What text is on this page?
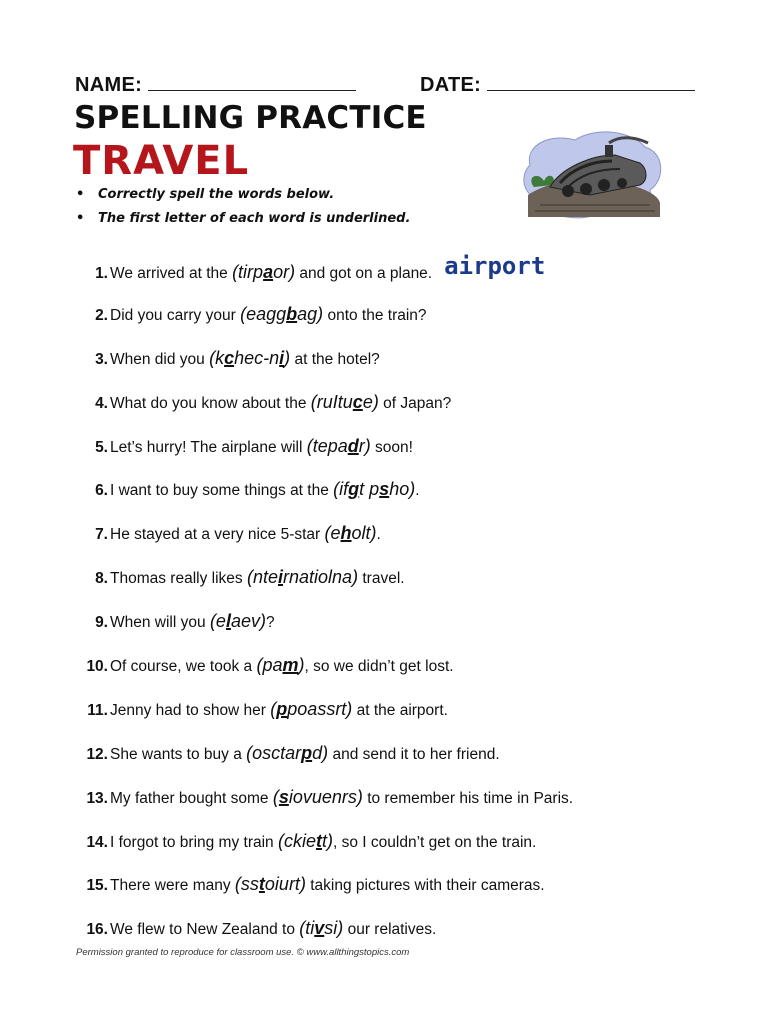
NAME:	DATE:
SPELLING PRACTICE
TRAVEL
• Correctly spell the words below.
• The first letter of each word is underlined.
1. We arrived at the (tirpaor) and got on a plane. airport
2. Did you carry your (eaggbag) onto the train?
3. When did you (kchec-ni) at the hotel?
4. What do you know about the (ruItuce) of Japan?
5. Let’s hurry! The airplane will (tepadr) soon!
6. I want to buy some things at the (ifgt psho).
7. He stayed at a very nice 5-star (eholt).
8. Thomas really likes (nteirnatiolna) travel.
9. When will you (elaev)?
10. Of course, we took a (pam), so we didn’t get lost.
11. Jenny had to show her (ppoassrt) at the airport.
12. She wants to buy a (osctarpd) and send it to her friend.
13. My father bought some (siovuenrs) to remember his time in Paris.
14. I forgot to bring my train (ckiett), so I couldn’t get on the train.
15. There were many (sstoiurt) taking pictures with their cameras.
16. We flew to New Zealand to (tivsi) our relatives.
Permission granted to reproduce for classroom use. © www.allthingstopics.com
